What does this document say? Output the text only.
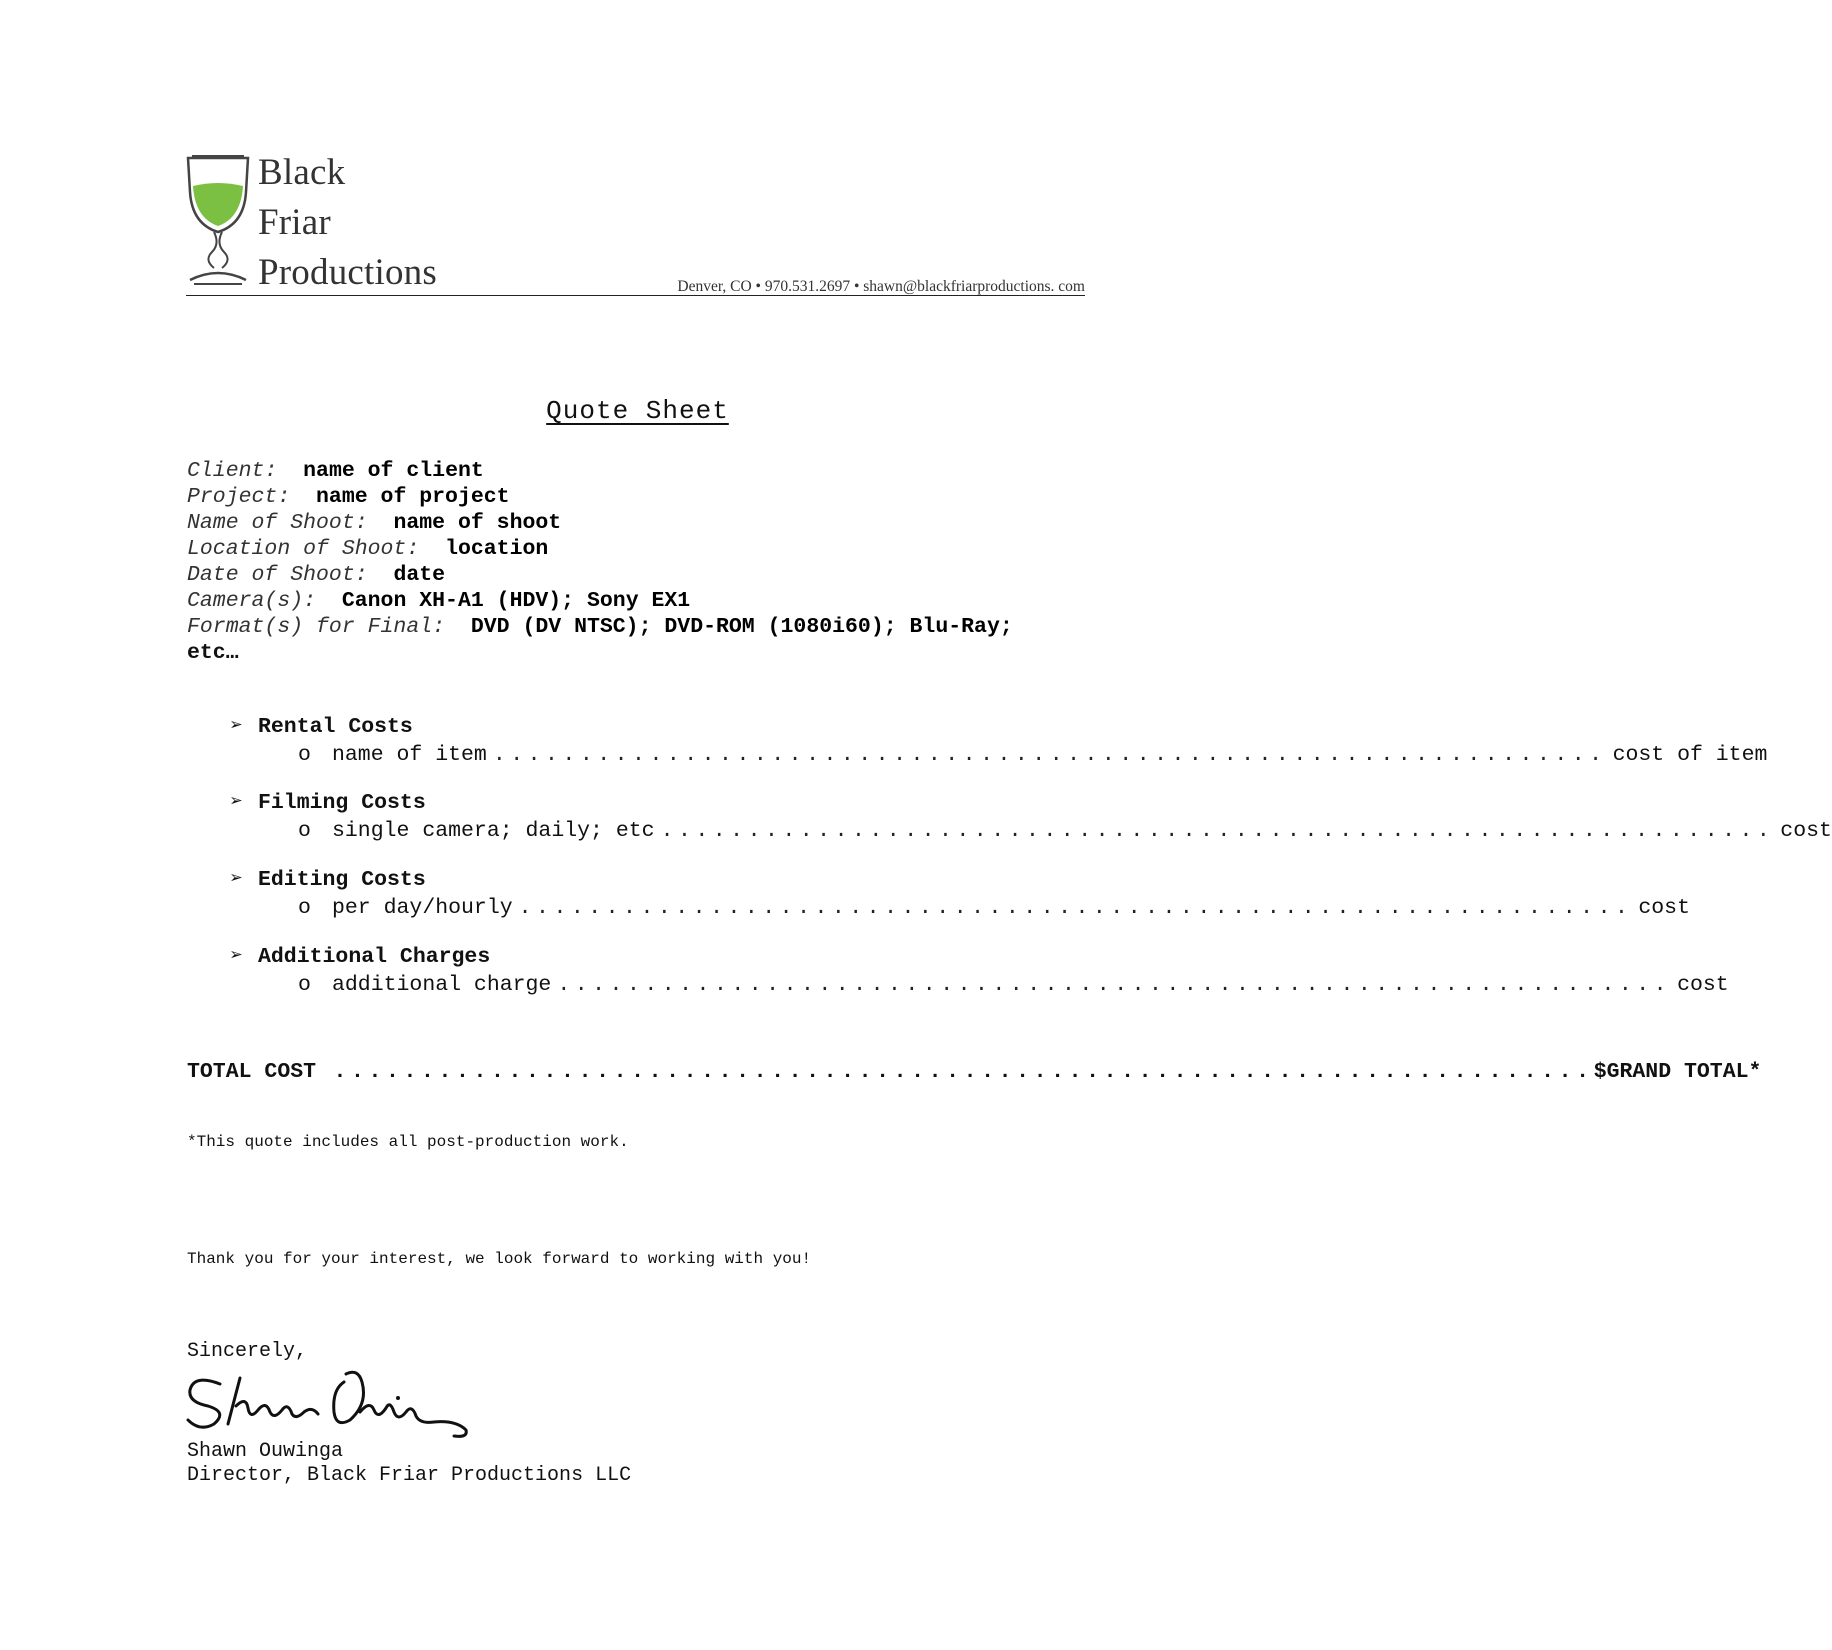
Black
Friar
Productions	Denver, CO • 970.531.2697 • shawn@blackfriarproductions. com
Quote Sheet
Client: name of client
Project: name of project
Name of Shoot: name of shoot
Location of Shoot: location
Date of Shoot: date
Camera(s): Canon XH-A1 (HDV); Sony EX1
Format(s) for Final: DVD (DV NTSC); DVD-ROM (1080i60); Blu-Ray;
etc…
➢ Rental Costs
o name of item ................................................................ cost of item
➢ Filming Costs
o single camera; daily; etc ................................................................ cost
➢ Editing Costs
o per day/hourly ................................................................ cost
➢ Additional Charges
o additional charge ................................................................ cost
TOTAL COST ........................................................................ $GRAND TOTAL*
*This quote includes all post-production work.
Thank you for your interest, we look forward to working with you!
Sincerely,
Shawn Ouwinga
Director, Black Friar Productions LLC
